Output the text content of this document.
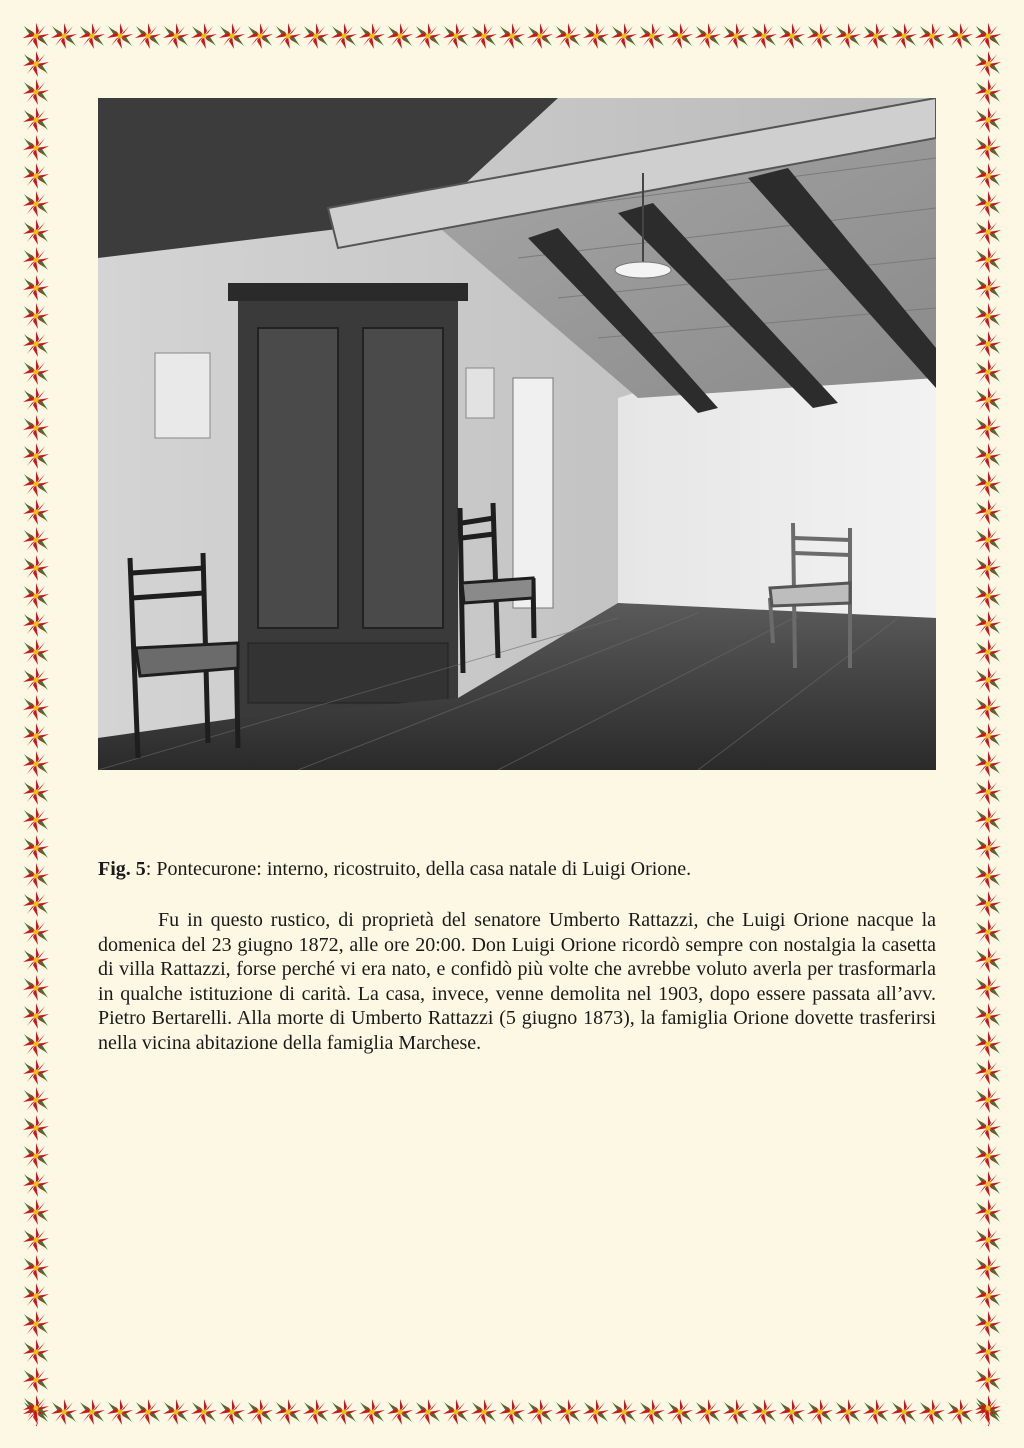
Fig. 5: Pontecurone: interno, ricostruito, della casa natale di Luigi Orione.

Fu in questo rustico, di proprietà del senatore Umberto Rattazzi, che Luigi Orione nacque la domenica del 23 giugno 1872, alle ore 20:00. Don Luigi Orione ricordò sempre con nostalgia la casetta di villa Rattazzi, forse perché vi era nato, e confidò più volte che avrebbe voluto averla per trasformarla in qualche istituzione di carità. La casa, invece, venne demolita nel 1903, dopo essere passata all’avv. Pietro Bertarelli. Alla morte di Umberto Rattazzi (5 giugno 1873), la famiglia Orione dovette trasferirsi nella vicina abitazione della famiglia Marchese.
